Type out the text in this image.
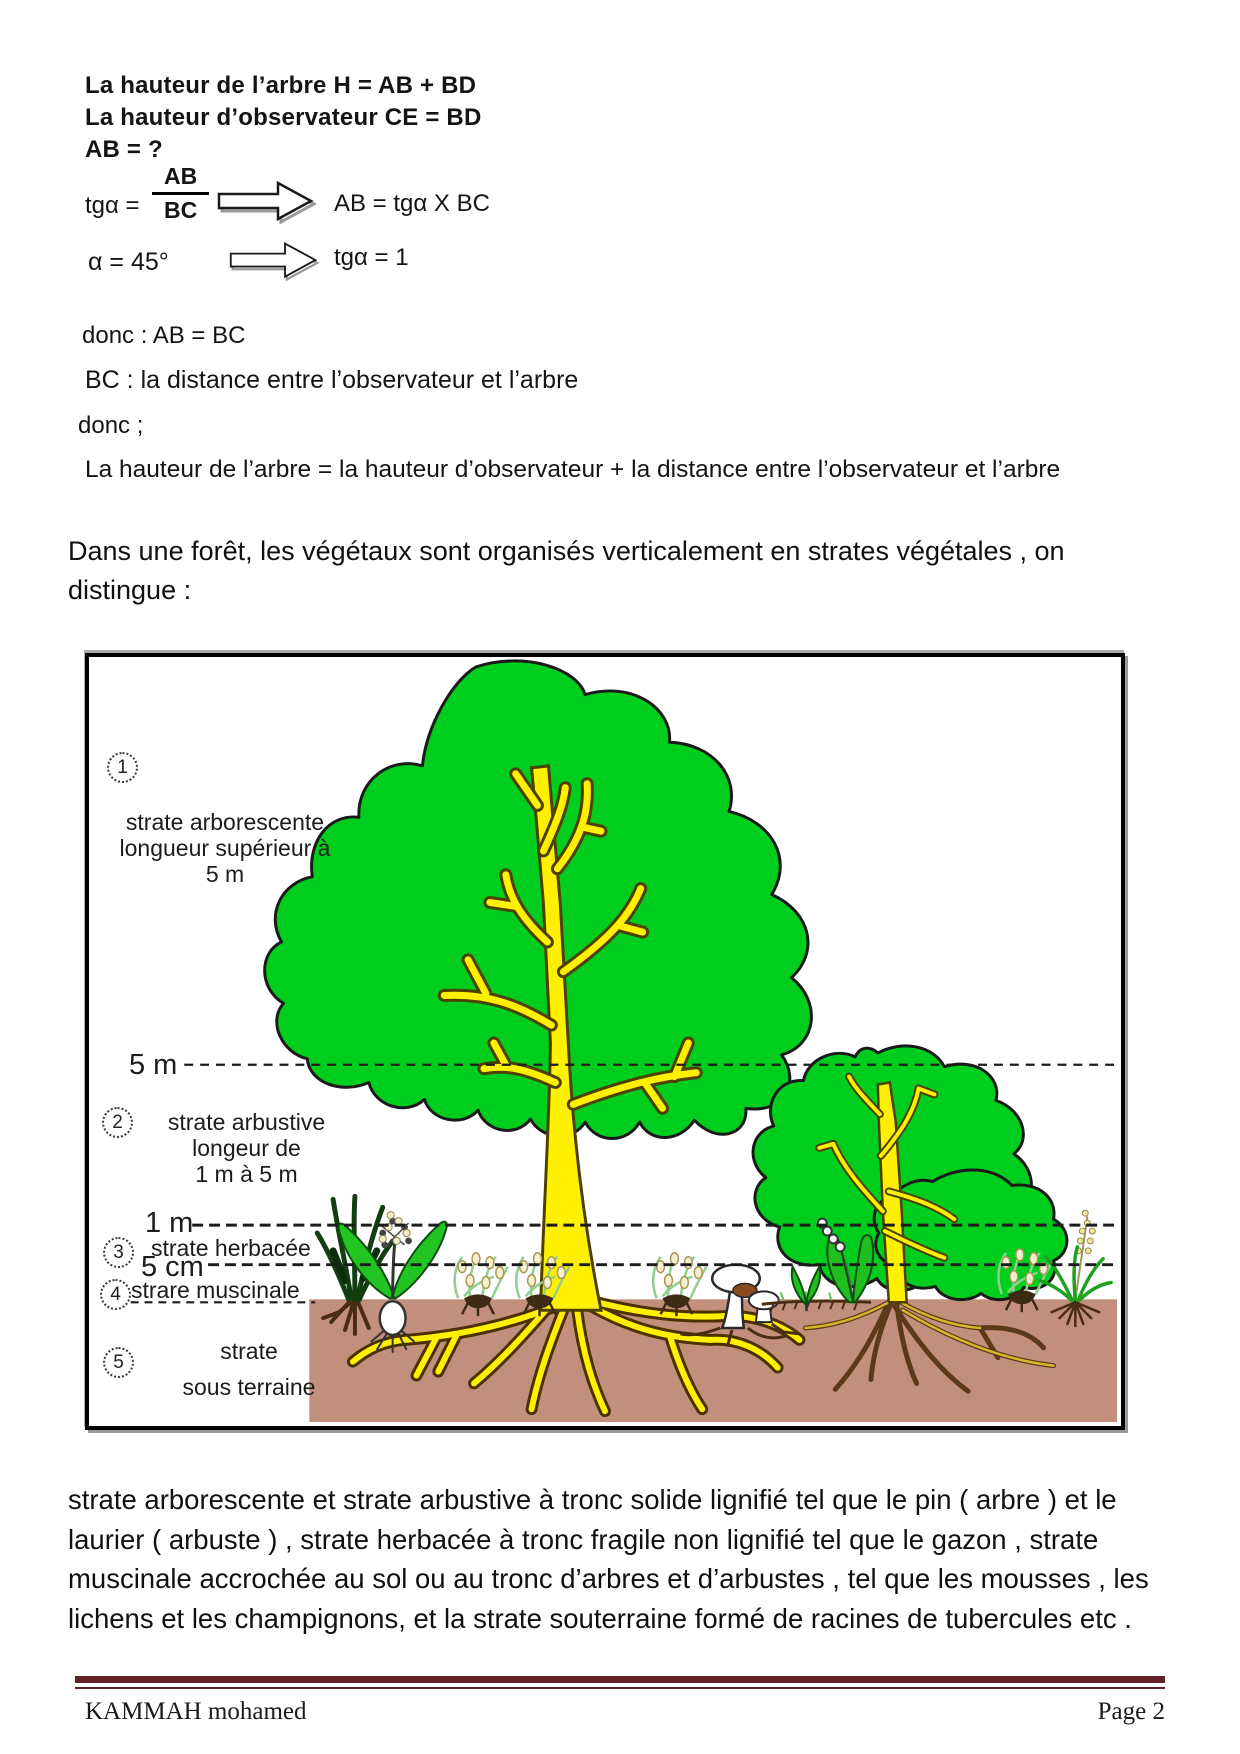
La hauteur de l’arbre H = AB + BD
La hauteur d’observateur CE = BD
AB = ?
$tg\alpha = \frac{AB}{BC}$	AB = tgα X BC
α = 45°	tgα = 1
donc : AB = BC
BC : la distance entre l’observateur et l’arbre
donc ;
La hauteur de l’arbre = la hauteur d’observateur + la distance entre l’observateur et l’arbre
Dans une forêt, les végétaux sont organisés verticalement en strates végétales , on distingue :
1
strate arborescente
longueur supérieur à
5 m
5 m
2	strate arbustive
longeur de
1 m à 5 m
1 m
3	strate herbacée
5 cm
4 strare muscinale
5	strate
sous terraine
strate arborescente et strate arbustive à tronc solide lignifié tel que le pin ( arbre ) et le laurier ( arbuste ) , strate herbacée à tronc fragile non lignifié tel que le gazon , strate muscinale accrochée au sol ou au tronc d’arbres et d’arbustes , tel que les mousses , les lichens et les champignons, et la strate souterraine formé de racines de tubercules etc .
KAMMAH mohamed	Page 2
